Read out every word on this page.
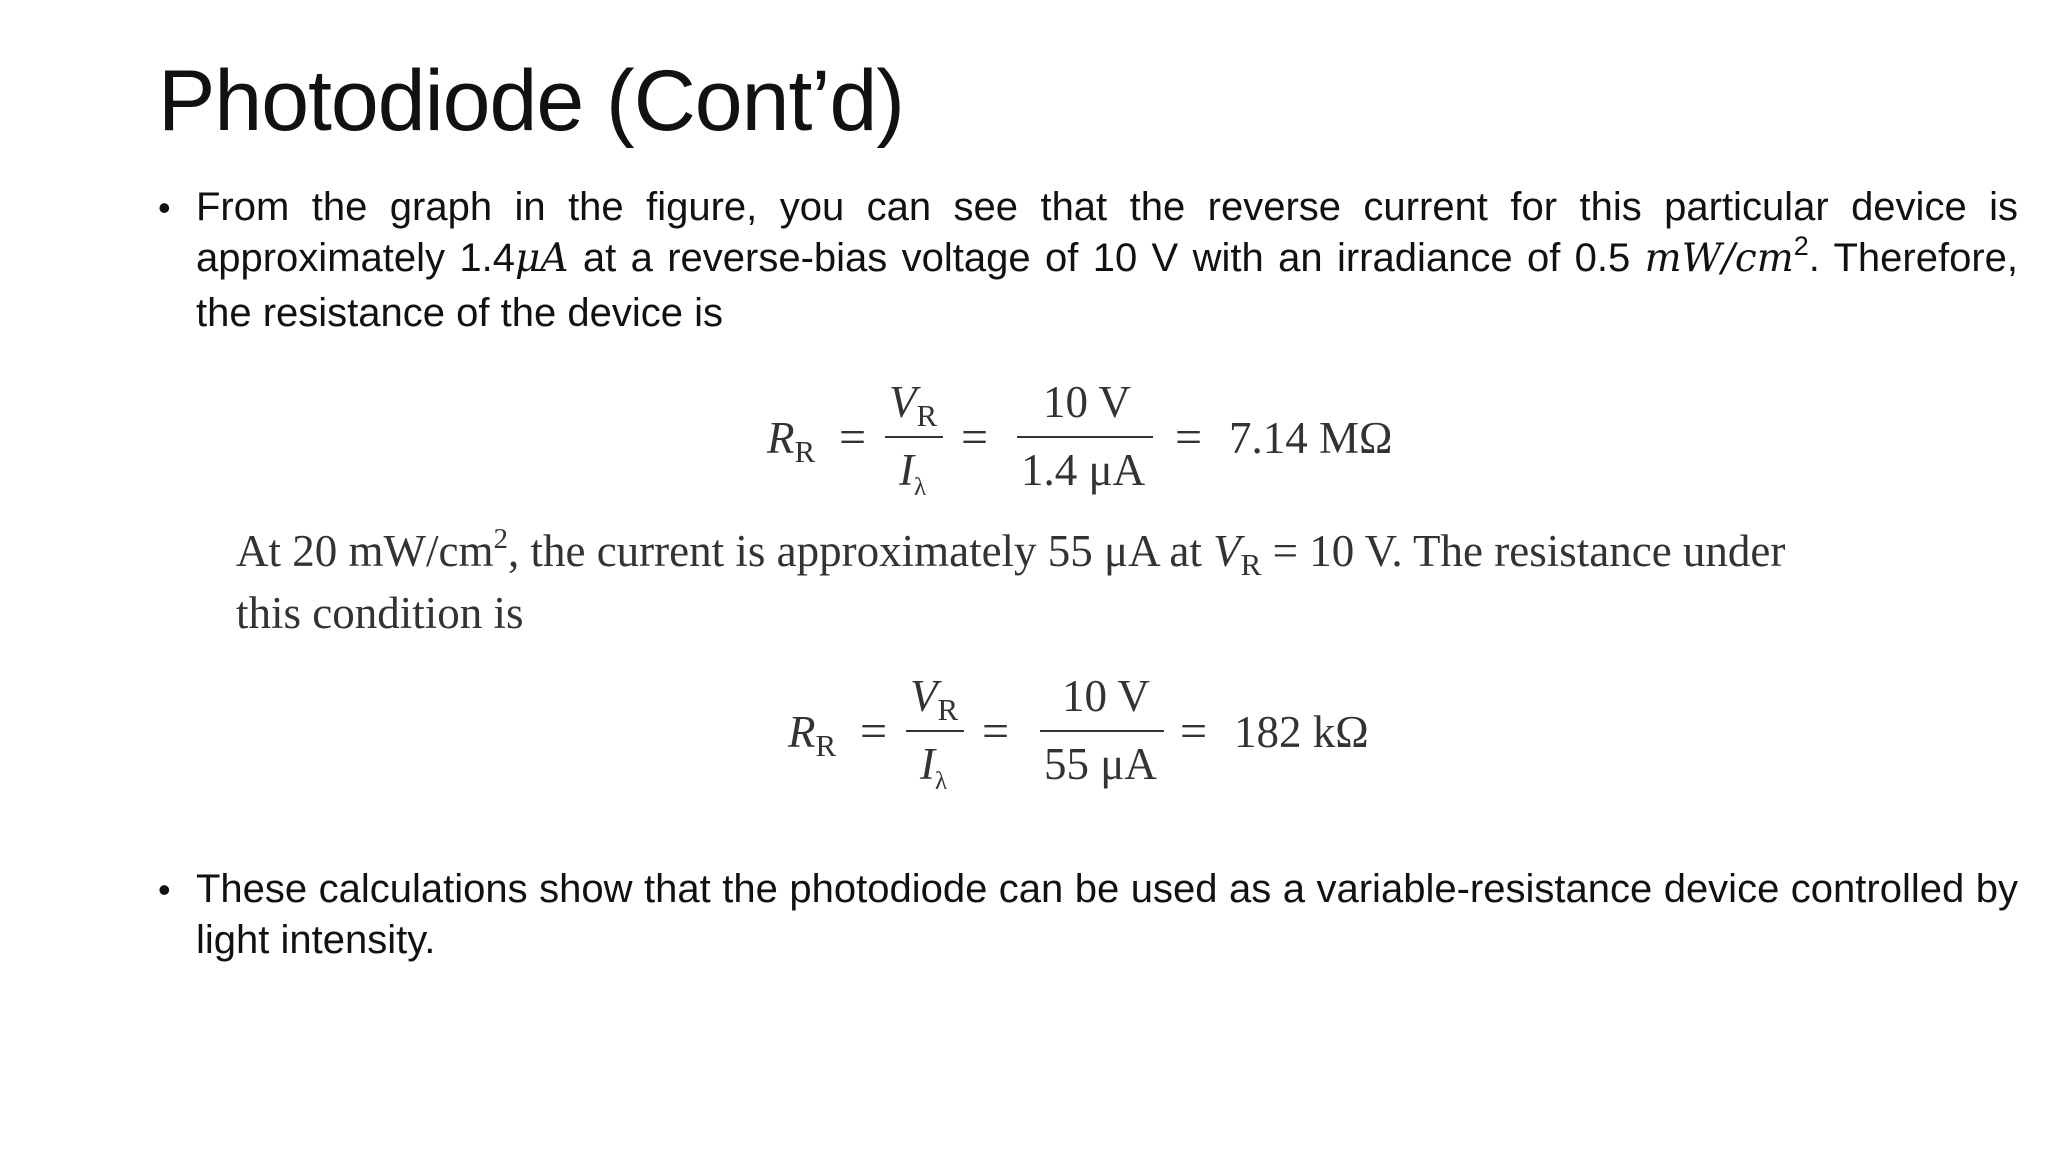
Photodiode (Cont’d)
• From the graph in the figure, you can see that the reverse current for this particular device is approximately 1.4μA at a reverse-bias voltage of 10 V with an irradiance of 0.5 $mW/cm^2$. Therefore, the resistance of the device is
$R_R$ =
$V_R$
$I_\lambda$
=
10 V
1.4 μA
= 7.14 MΩ
At 20 $mW/cm^2$, the current is approximately 55 μA at $V_R = 10$ V. The resistance under
this condition is
$R_R$ =
$V_R$
$I_\lambda$
=
10 V
55 μA
= 182 kΩ
• These calculations show that the photodiode can be used as a variable-resistance device controlled by light intensity.
